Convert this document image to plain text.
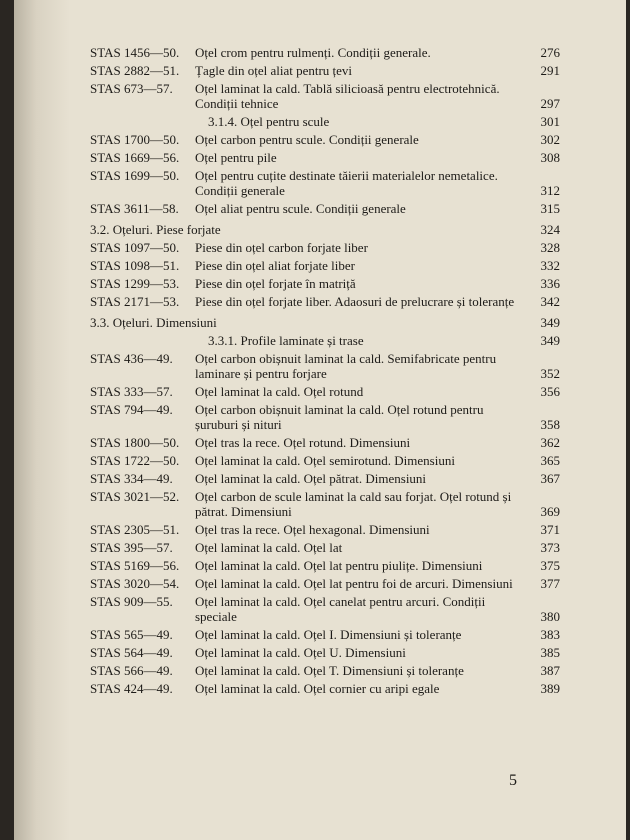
STAS 1456—50.	Oțel crom pentru rulmenți. Condiții generale.	276
STAS 2882—51.	Țagle din oțel aliat pentru țevi	291
STAS 673—57.	Oțel laminat la cald. Tablă silicioasă pentru electrotehnică. Condiții tehnice	297
3.1.4. Oțel pentru scule	301
STAS 1700—50.	Oțel carbon pentru scule. Condiții generale	302
STAS 1669—56.	Oțel pentru pile	308
STAS 1699—50.	Oțel pentru cuțite destinate tăierii materialelor nemetalice. Condiții generale	312
STAS 3611—58.	Oțel aliat pentru scule. Condiții generale	315
3.2. Oțeluri. Piese forjate	324
STAS 1097—50.	Piese din oțel carbon forjate liber	328
STAS 1098—51.	Piese din oțel aliat forjate liber	332
STAS 1299—53.	Piese din oțel forjate în matriță	336
STAS 2171—53.	Piese din oțel forjate liber. Adaosuri de prelucrare și toleranțe	342
3.3. Oțeluri. Dimensiuni	349
3.3.1. Profile laminate și trase	349
STAS 436—49.	Oțel carbon obișnuit laminat la cald. Semifabricate pentru laminare și pentru forjare	352
STAS 333—57.	Oțel laminat la cald. Oțel rotund	356
STAS 794—49.	Oțel carbon obișnuit laminat la cald. Oțel rotund pentru șuruburi și nituri	358
STAS 1800—50.	Oțel tras la rece. Oțel rotund. Dimensiuni	362
STAS 1722—50.	Oțel laminat la cald. Oțel semirotund. Dimensiuni	365
STAS 334—49.	Oțel laminat la cald. Oțel pătrat. Dimensiuni	367
STAS 3021—52.	Oțel carbon de scule laminat la cald sau forjat. Oțel rotund și pătrat. Dimensiuni	369
STAS 2305—51.	Oțel tras la rece. Oțel hexagonal. Dimensiuni	371
STAS 395—57.	Oțel laminat la cald. Oțel lat	373
STAS 5169—56.	Oțel laminat la cald. Oțel lat pentru piulițe. Dimensiuni	375
STAS 3020—54.	Oțel laminat la cald. Oțel lat pentru foi de arcuri. Dimensiuni	377
STAS 909—55.	Oțel laminat la cald. Oțel canelat pentru arcuri. Condiții speciale	380
STAS 565—49.	Oțel laminat la cald. Oțel I. Dimensiuni și toleranțe	383
STAS 564—49.	Oțel laminat la cald. Oțel U. Dimensiuni	385
STAS 566—49.	Oțel laminat la cald. Oțel T. Dimensiuni și toleranțe	387
STAS 424—49.	Oțel laminat la cald. Oțel cornier cu aripi egale	389
5
